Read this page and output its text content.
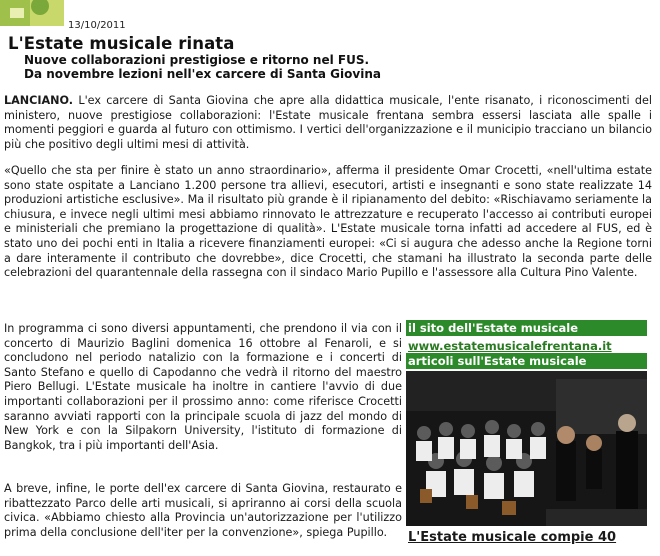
13/10/2011
L'Estate musicale rinata
Nuove collaborazioni prestigiose e ritorno nel FUS.
Da novembre lezioni nell'ex carcere di Santa Giovina

LANCIANO. L'ex carcere di Santa Giovina che apre alla didattica musicale, l'ente risanato, i riconoscimenti del ministero, nuove prestigiose collaborazioni: l'Estate musicale frentana sembra essersi lasciata alle spalle i momenti peggiori e guarda al futuro con ottimismo. I vertici dell'organizzazione e il municipio tracciano un bilancio più che positivo degli ultimi mesi di attività.

«Quello che sta per finire è stato un anno straordinario», afferma il presidente Omar Crocetti, «nell'ultima estate sono state ospitate a Lanciano 1.200 persone tra allievi, esecutori, artisti e insegnanti e sono state realizzate 14 produzioni artistiche esclusive». Ma il risultato più grande è il ripianamento del debito: «Rischiavamo seriamente la chiusura, e invece negli ultimi mesi abbiamo rinnovato le attrezzature e recuperato l'accesso ai contributi europei e ministeriali che premiano la progettazione di qualità». L'Estate musicale torna infatti ad accedere al FUS, ed è stato uno dei pochi enti in Italia a ricevere finanziamenti europei: «Ci si augura che adesso anche la Regione torni a dare interamente il contributo che dovrebbe», dice Crocetti, che stamani ha illustrato la seconda parte delle celebrazioni del quarantennale della rassegna con il sindaco Mario Pupillo e l'assessore alla Cultura Pino Valente.

In programma ci sono diversi appuntamenti, che prendono il via con il concerto di Maurizio Baglini domenica 16 ottobre al Fenaroli, e si concludono nel periodo natalizio con la formazione e i concerti di Santo Stefano e quello di Capodanno che vedrà il ritorno del maestro Piero Bellugi. L'Estate musicale ha inoltre in cantiere l'avvio di due importanti collaborazioni per il prossimo anno: come riferisce Crocetti saranno avviati rapporti con la principale scuola di jazz del mondo di New York e con la Silpakorn University, l'istituto di formazione di Bangkok, tra i più importanti dell'Asia.

A breve, infine, le porte dell'ex carcere di Santa Giovina, restaurato e ribattezzato Parco delle arti musicali, si apriranno ai corsi della scuola civica. «Abbiamo chiesto alla Provincia un'autorizzazione per l'utilizzo prima della conclusione dell'iter per la convenzione», spiega Pupillo.

il sito dell'Estate musicale
www.estatemusicalefrentana.it
articoli sull'Estate musicale
L'Estate musicale compie 40
